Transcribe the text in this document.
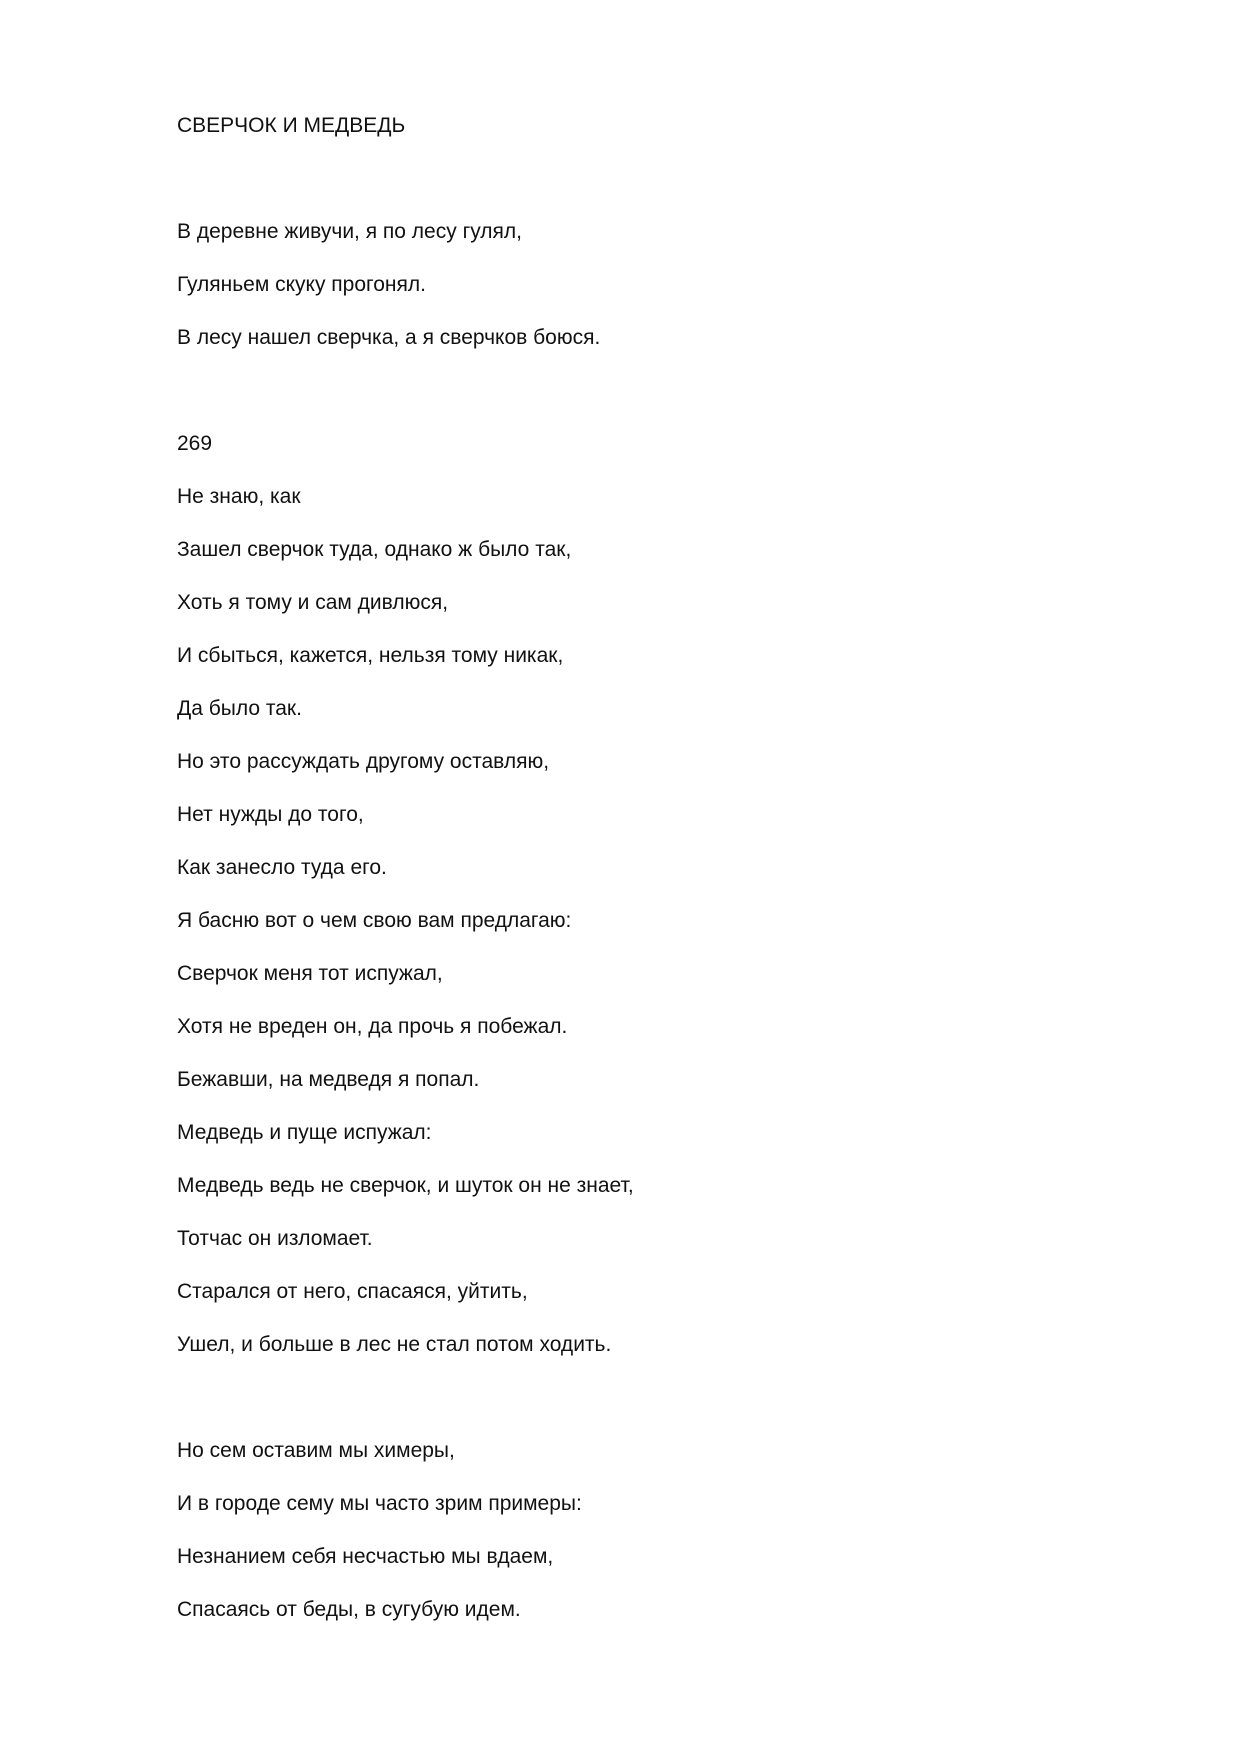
СВЕРЧОК И МЕДВЕДЬ
В деревне живучи, я по лесу гулял,
Гуляньем скуку прогонял.
В лесу нашел сверчка, а я сверчков боюся.
269
Не знаю, как
Зашел сверчок туда, однако ж было так,
Хоть я тому и сам дивлюся,
И сбыться, кажется, нельзя тому никак,
Да было так.
Но это рассуждать другому оставляю,
Нет нужды до того,
Как занесло туда его.
Я басню вот о чем свою вам предлагаю:
Сверчок меня тот испужал,
Хотя не вреден он, да прочь я побежал.
Бежавши, на медведя я попал.
Медведь и пуще испужал:
Медведь ведь не сверчок, и шуток он не знает,
Тотчас он изломает.
Старался от него, спасаяся, уйтить,
Ушел, и больше в лес не стал потом ходить.
Но сем оставим мы химеры,
И в городе сему мы часто зрим примеры:
Незнанием себя несчастью мы вдаем,
Спасаясь от беды, в сугубую идем.
